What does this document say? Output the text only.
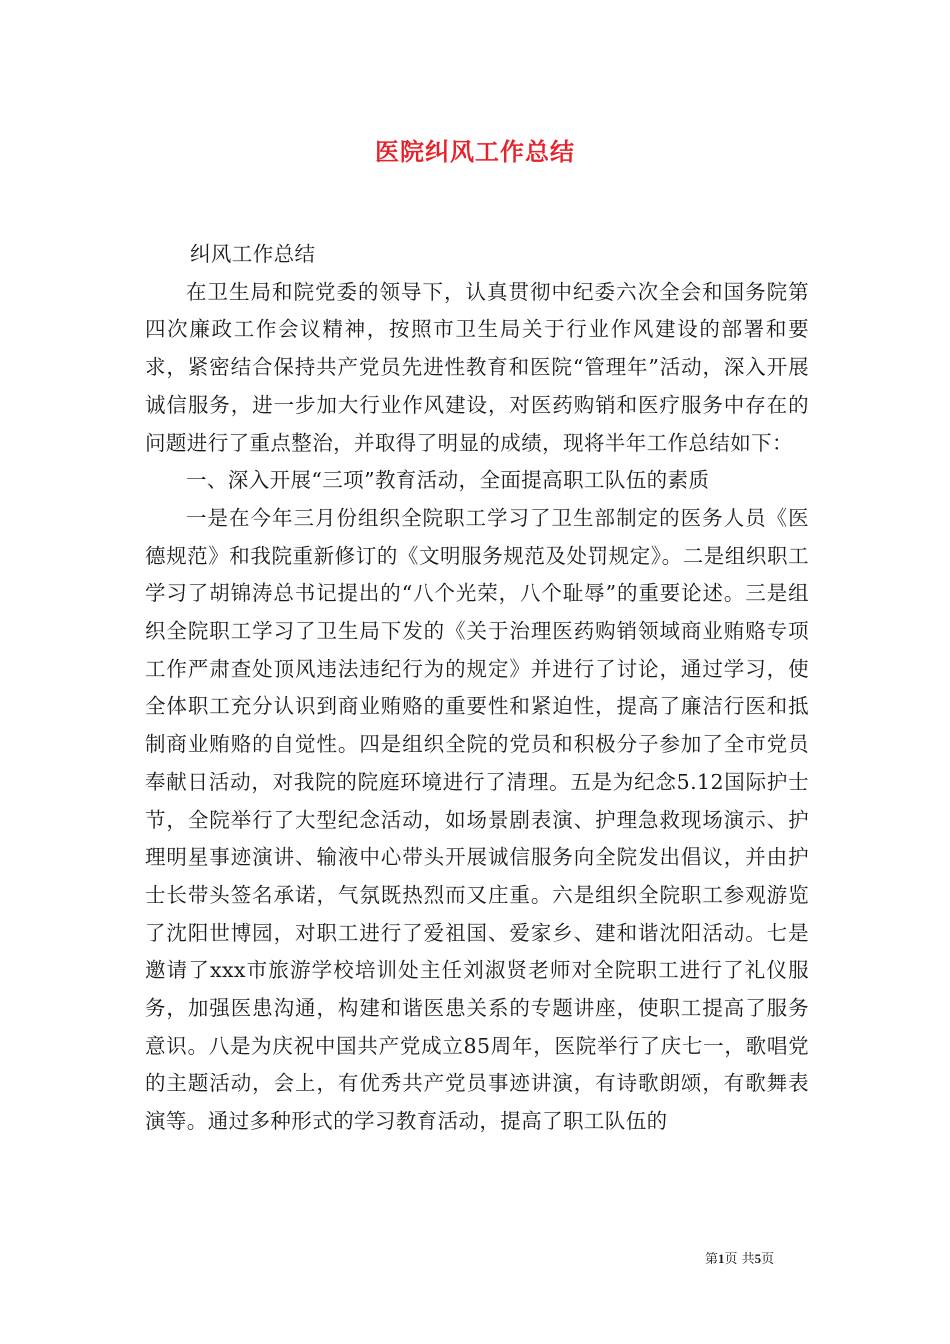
医院纠风工作总结

纠风工作总结

在卫生局和院党委的领导下，认真贯彻中纪委六次全会和国务院第四次廉政工作会议精神，按照市卫生局关于行业作风建设的部署和要求，紧密结合保持共产党员先进性教育和医院“管理年”活动，深入开展诚信服务，进一步加大行业作风建设，对医药购销和医疗服务中存在的问题进行了重点整治，并取得了明显的成绩，现将半年工作总结如下：

一、深入开展“三项”教育活动，全面提高职工队伍的素质

一是在今年三月份组织全院职工学习了卫生部制定的医务人员《医德规范》和我院重新修订的《文明服务规范及处罚规定》。二是组织职工学习了胡锦涛总书记提出的“八个光荣，八个耻辱”的重要论述。三是组织全院职工学习了卫生局下发的《关于治理医药购销领域商业贿赂专项工作严肃查处顶风违法违纪行为的规定》并进行了讨论，通过学习，使全体职工充分认识到商业贿赂的重要性和紧迫性，提高了廉洁行医和抵制商业贿赂的自觉性。四是组织全院的党员和积极分子参加了全市党员奉献日活动，对我院的院庭环境进行了清理。五是为纪念5.12国际护士节，全院举行了大型纪念活动，如场景剧表演、护理急救现场演示、护理明星事迹演讲、输液中心带头开展诚信服务向全院发出倡议，并由护士长带头签名承诺，气氛既热烈而又庄重。六是组织全院职工参观游览了沈阳世博园，对职工进行了爱祖国、爱家乡、建和谐沈阳活动。七是邀请了xxx市旅游学校培训处主任刘淑贤老师对全院职工进行了礼仪服务，加强医患沟通，构建和谐医患关系的专题讲座，使职工提高了服务意识。八是为庆祝中国共产党成立85周年，医院举行了庆七一，歌唱党的主题活动，会上，有优秀共产党员事迹讲演，有诗歌朗颂，有歌舞表演等。通过多种形式的学习教育活动，提高了职工队伍的

第1页 共5页
